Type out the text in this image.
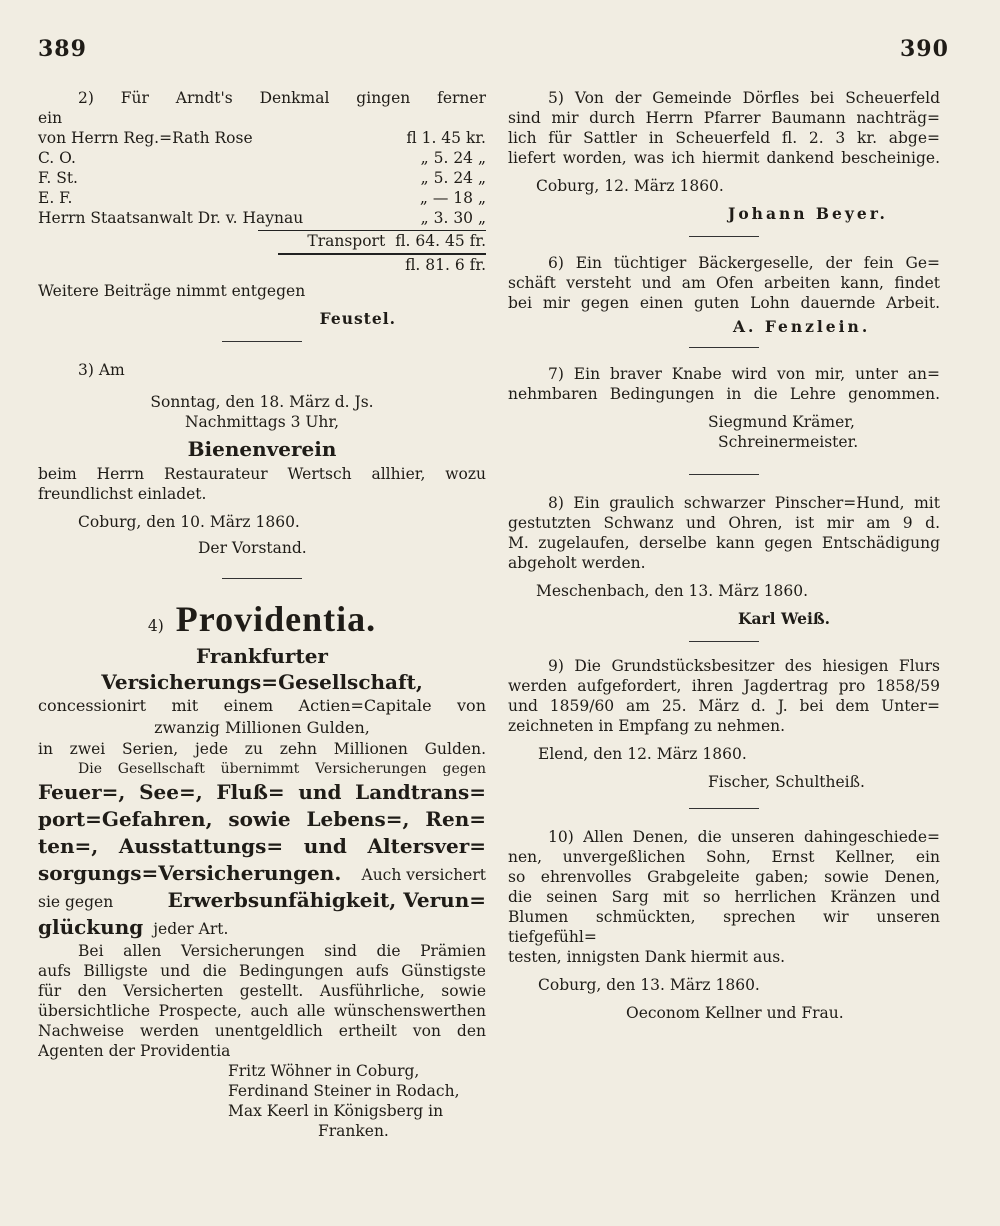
389	390
2) Für Arndt's Denkmal gingen ferner
ein
von Herrn Reg.=Rath Rose	fl 1. 45 kr.
C. O.	„ 5. 24 „
F. St.	„ 5. 24 „
E. F.	„ — 18 „
Herrn Staatsanwalt Dr. v. Haynau	„ 3. 30 „
Transport fl. 64. 45 fr.
fl. 81. 6 fr.
Weitere Beiträge nimmt entgegen
Feustel.
3) Am
Sonntag, den 18. März d. Js.
Nachmittags 3 Uhr,
Bienenverein
beim Herrn Restaurateur Wertsch allhier, wozu
freundlichst einladet.
Coburg, den 10. März 1860.
Der Vorstand.
4) Providentia.
Frankfurter Versicherungs=Gesellschaft,
concessionirt mit einem Actien=Capitale von
zwanzig Millionen Gulden,
in zwei Serien, jede zu zehn Millionen Gulden.
Die Gesellschaft übernimmt Versicherungen gegen
Feuer=, See=, Fluß= und Landtrans=
port=Gefahren, sowie Lebens=, Ren=
ten=, Ausstattungs= und Altersver=
sorgungs=Versicherungen. Auch versichert
sie gegen	Erwerbsunfähigkeit, Verun=
glückung jeder Art.
Bei allen Versicherungen sind die Prämien
aufs Billigste und die Bedingungen aufs Günstigste
für den Versicherten gestellt. Ausführliche, sowie
übersichtliche Prospecte, auch alle wünschenswerthen
Nachweise werden unentgeldlich ertheilt von den
Agenten der Providentia
Fritz Wöhner in Coburg,
Ferdinand Steiner in Rodach,
Max Keerl in Königsberg in
Franken.
5) Von der Gemeinde Dörfles bei Scheuerfeld
sind mir durch Herrn Pfarrer Baumann nachträg=
lich für Sattler in Scheuerfeld fl. 2. 3 kr. abge=
liefert worden, was ich hiermit dankend bescheinige.
Coburg, 12. März 1860.
Johann Beyer.
6) Ein tüchtiger Bäckergeselle, der fein Ge=
schäft versteht und am Ofen arbeiten kann, findet
bei mir gegen einen guten Lohn dauernde Arbeit.
A. Fenzlein.
7) Ein braver Knabe wird von mir, unter an=
nehmbaren Bedingungen in die Lehre genommen.
Siegmund Krämer,
Schreinermeister.
8) Ein graulich schwarzer Pinscher=Hund, mit
gestutzten Schwanz und Ohren, ist mir am 9 d.
M. zugelaufen, derselbe kann gegen Entschädigung
abgeholt werden.
Meschenbach, den 13. März 1860.
Karl Weiß.
9) Die Grundstücksbesitzer des hiesigen Flurs
werden aufgefordert, ihren Jagdertrag pro 1858/59
und 1859/60 am 25. März d. J. bei dem Unter=
zeichneten in Empfang zu nehmen.
Elend, den 12. März 1860.
Fischer, Schultheiß.
10) Allen Denen, die unseren dahingeschiede=
nen, unvergeßlichen Sohn, Ernst Kellner, ein
so ehrenvolles Grabgeleite gaben; sowie Denen,
die seinen Sarg mit so herrlichen Kränzen und
Blumen schmückten, sprechen wir unseren tiefgefühl=
testen, innigsten Dank hiermit aus.
Coburg, den 13. März 1860.
Oeconom Kellner und Frau.
